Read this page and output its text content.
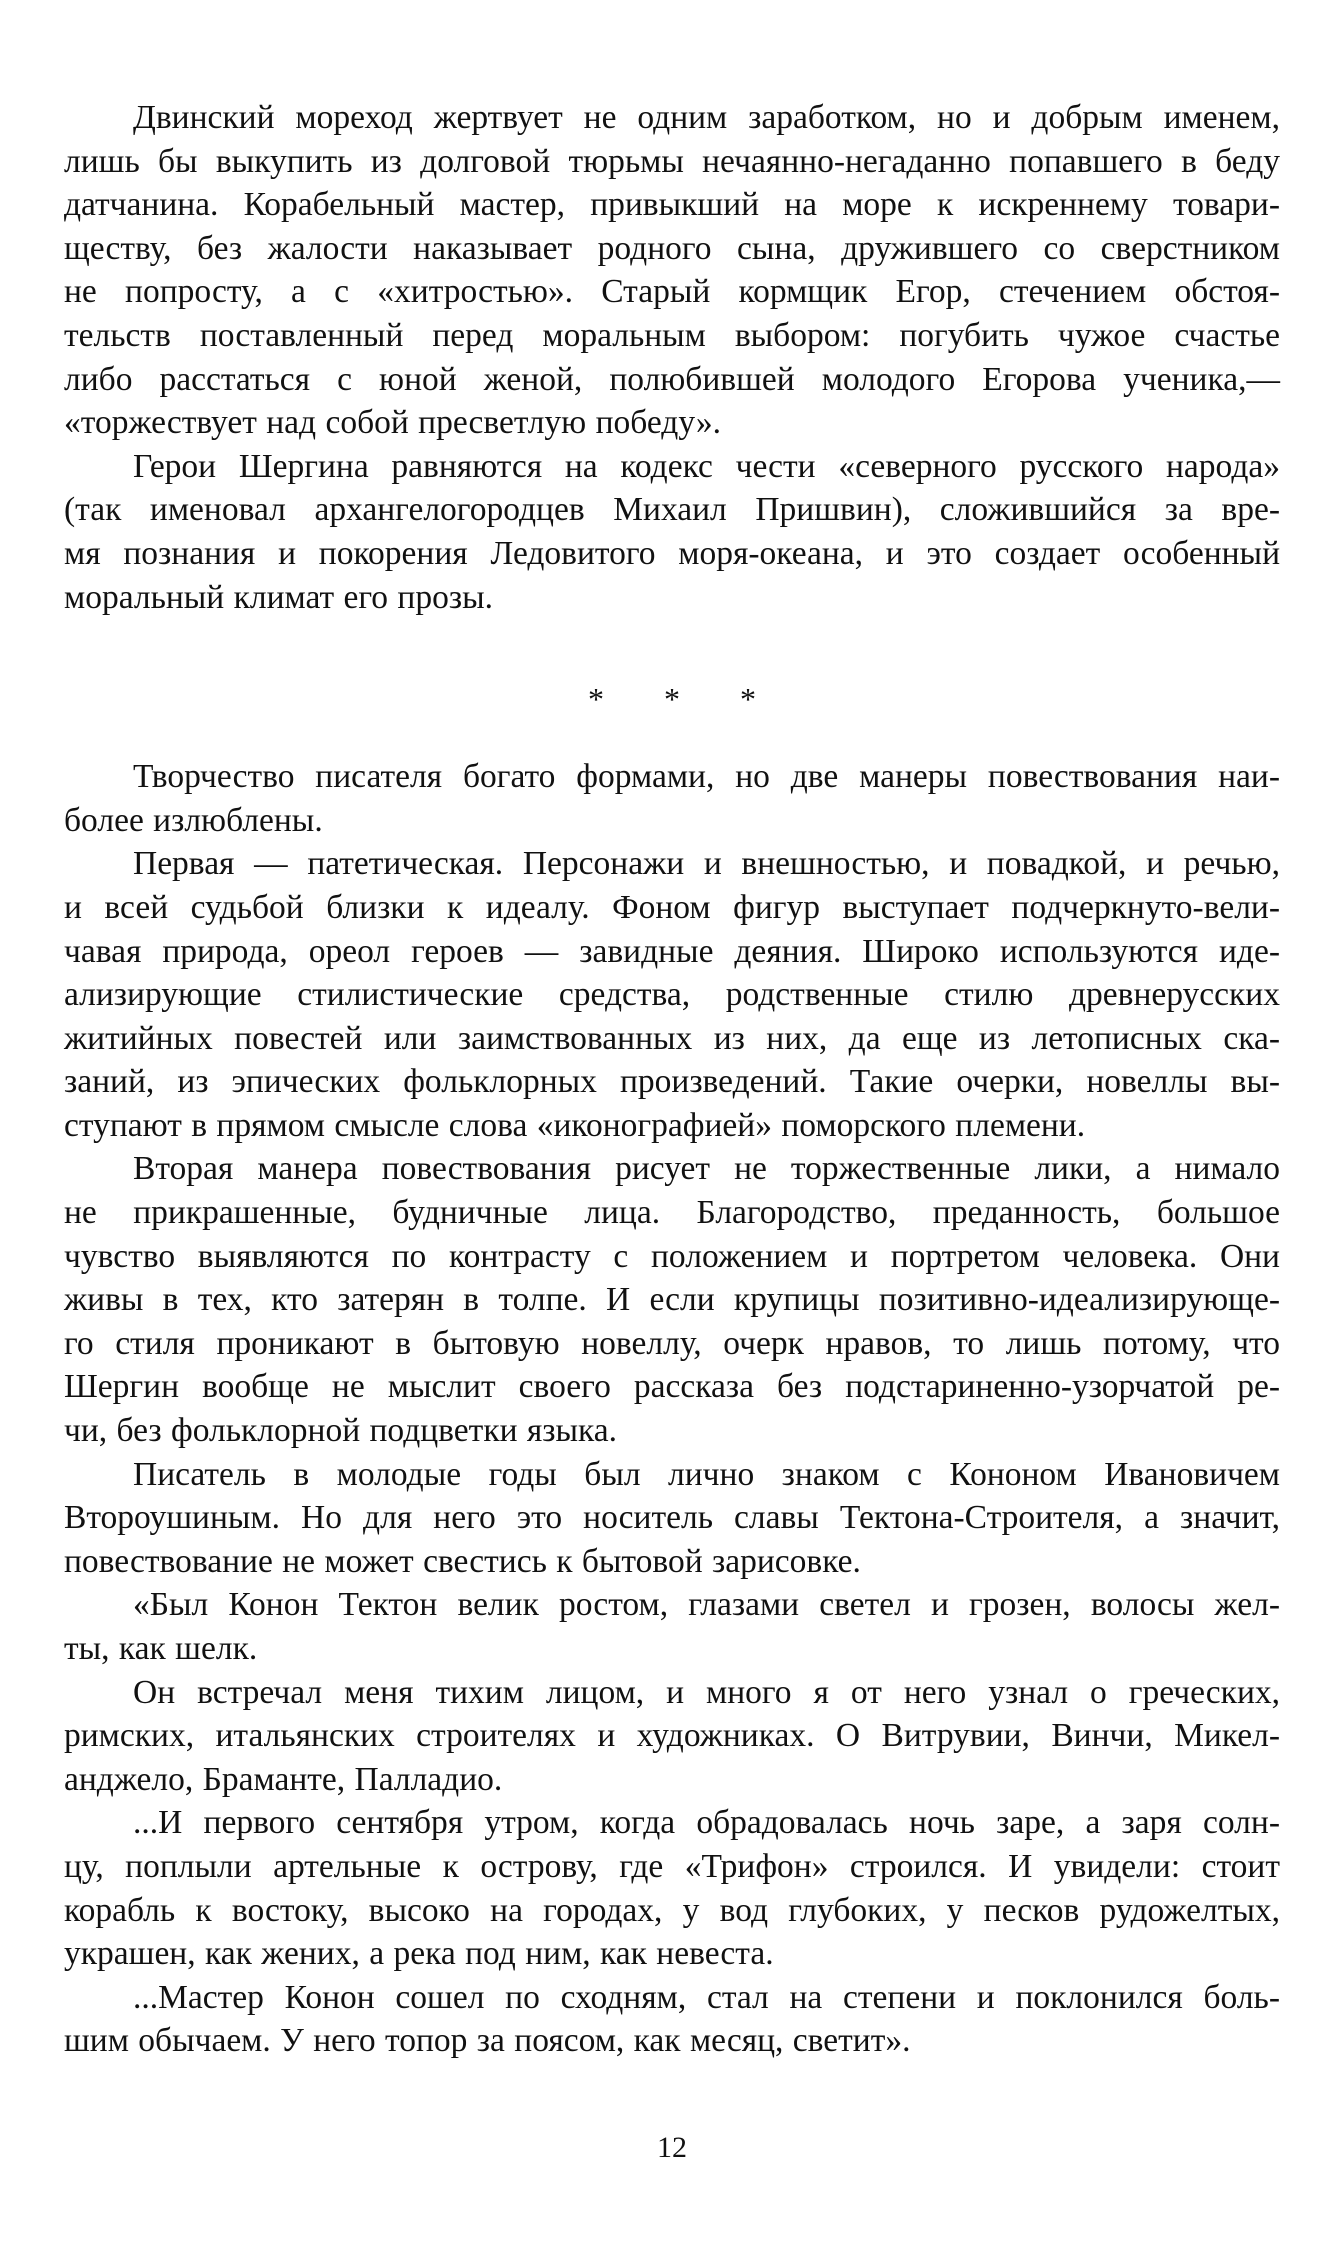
Двинский мореход жертвует не одним заработком, но и добрым именем,
лишь бы выкупить из долговой тюрьмы нечаянно-негаданно попавшего в беду
датчанина. Корабельный мастер, привыкший на море к искреннему товари-
ществу, без жалости наказывает родного сына, дружившего со сверстником
не попросту, а с «хитростью». Старый кормщик Егор, стечением обстоя-
тельств поставленный перед моральным выбором: погубить чужое счастье
либо расстаться с юной женой, полюбившей молодого Егорова ученика,—
«торжествует над собой пресветлую победу».

Герои Шергина равняются на кодекс чести «северного русского народа»
(так именовал архангелогородцев Михаил Пришвин), сложившийся за вре-
мя познания и покорения Ледовитого моря-океана, и это создает особенный
моральный климат его прозы.

* * *

Творчество писателя богато формами, но две манеры повествования наи-
более излюблены.

Первая — патетическая. Персонажи и внешностью, и повадкой, и речью,
и всей судьбой близки к идеалу. Фоном фигур выступает подчеркнуто-вели-
чавая природа, ореол героев — завидные деяния. Широко используются иде-
ализирующие стилистические средства, родственные стилю древнерусских
житийных повестей или заимствованных из них, да еще из летописных ска-
заний, из эпических фольклорных произведений. Такие очерки, новеллы вы-
ступают в прямом смысле слова «иконографией» поморского племени.

Вторая манера повествования рисует не торжественные лики, а нимало
не прикрашенные, будничные лица. Благородство, преданность, большое
чувство выявляются по контрасту с положением и портретом человека. Они
живы в тех, кто затерян в толпе. И если крупицы позитивно-идеализирующе-
го стиля проникают в бытовую новеллу, очерк нравов, то лишь потому, что
Шергин вообще не мыслит своего рассказа без подстариненно-узорчатой ре-
чи, без фольклорной подцветки языка.

Писатель в молодые годы был лично знаком с Кононом Ивановичем
Второушиным. Но для него это носитель славы Тектона-Строителя, а значит,
повествование не может свестись к бытовой зарисовке.

«Был Конон Тектон велик ростом, глазами светел и грозен, волосы жел-
ты, как шелк.

Он встречал меня тихим лицом, и много я от него узнал о греческих,
римских, итальянских строителях и художниках. О Витрувии, Винчи, Микел-
анджело, Браманте, Палладио.

...И первого сентября утром, когда обрадовалась ночь заре, а заря солн-
цу, поплыли артельные к острову, где «Трифон» строился. И увидели: стоит
корабль к востоку, высоко на городах, у вод глубоких, у песков рудожелтых,
украшен, как жених, а река под ним, как невеста.

...Мастер Конон сошел по сходням, стал на степени и поклонился боль-
шим обычаем. У него топор за поясом, как месяц, светит».

12
